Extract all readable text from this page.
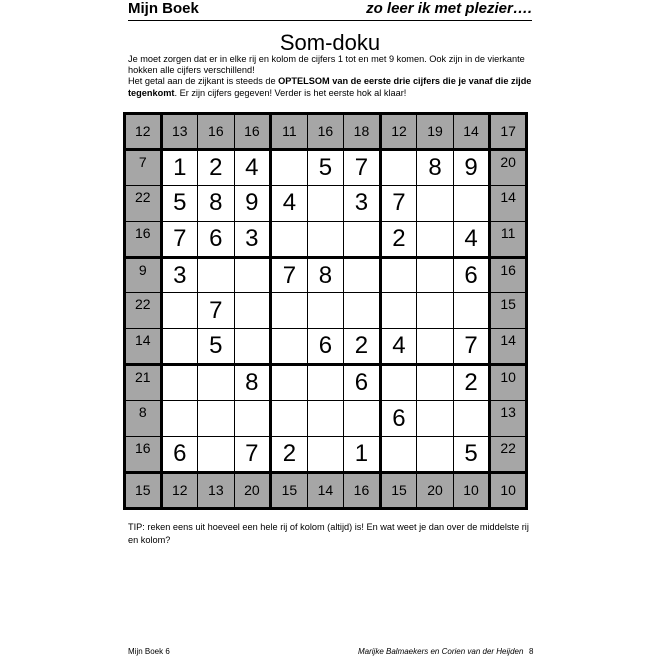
Mijn Boek	zo leer ik met plezier….
Som-doku

Je moet zorgen dat er in elke rij en kolom de cijfers 1 tot en met 9 komen. Ook zijn in de vierkante hokken alle cijfers verschillend!

Het getal aan de zijkant is steeds de OPTELSOM van de eerste drie cijfers die je vanaf die zijde tegenkomt. Er zijn cijfers gegeven! Verder is het eerste hok al klaar!

12	13	16	16	11	16	18	12	19	14	17
7	1	2	4		5	7		8	9	20
22	5	8	9	4		3	7			14
16	7	6	3				2		4	11
9	3			7	8				6	16
22		7								15
14		5			6	2	4		7	14
21			8			6			2	10
8							6			13
16	6		7	2		1			5	22
15	12	13	20	15	14	16	15	20	10	10
TIP: reken eens uit hoeveel een hele rij of kolom (altijd) is! En wat weet je dan over de middelste rij en kolom?
Mijn Boek 6	Marijke Balmaekers en Corien van der Heijden 8
